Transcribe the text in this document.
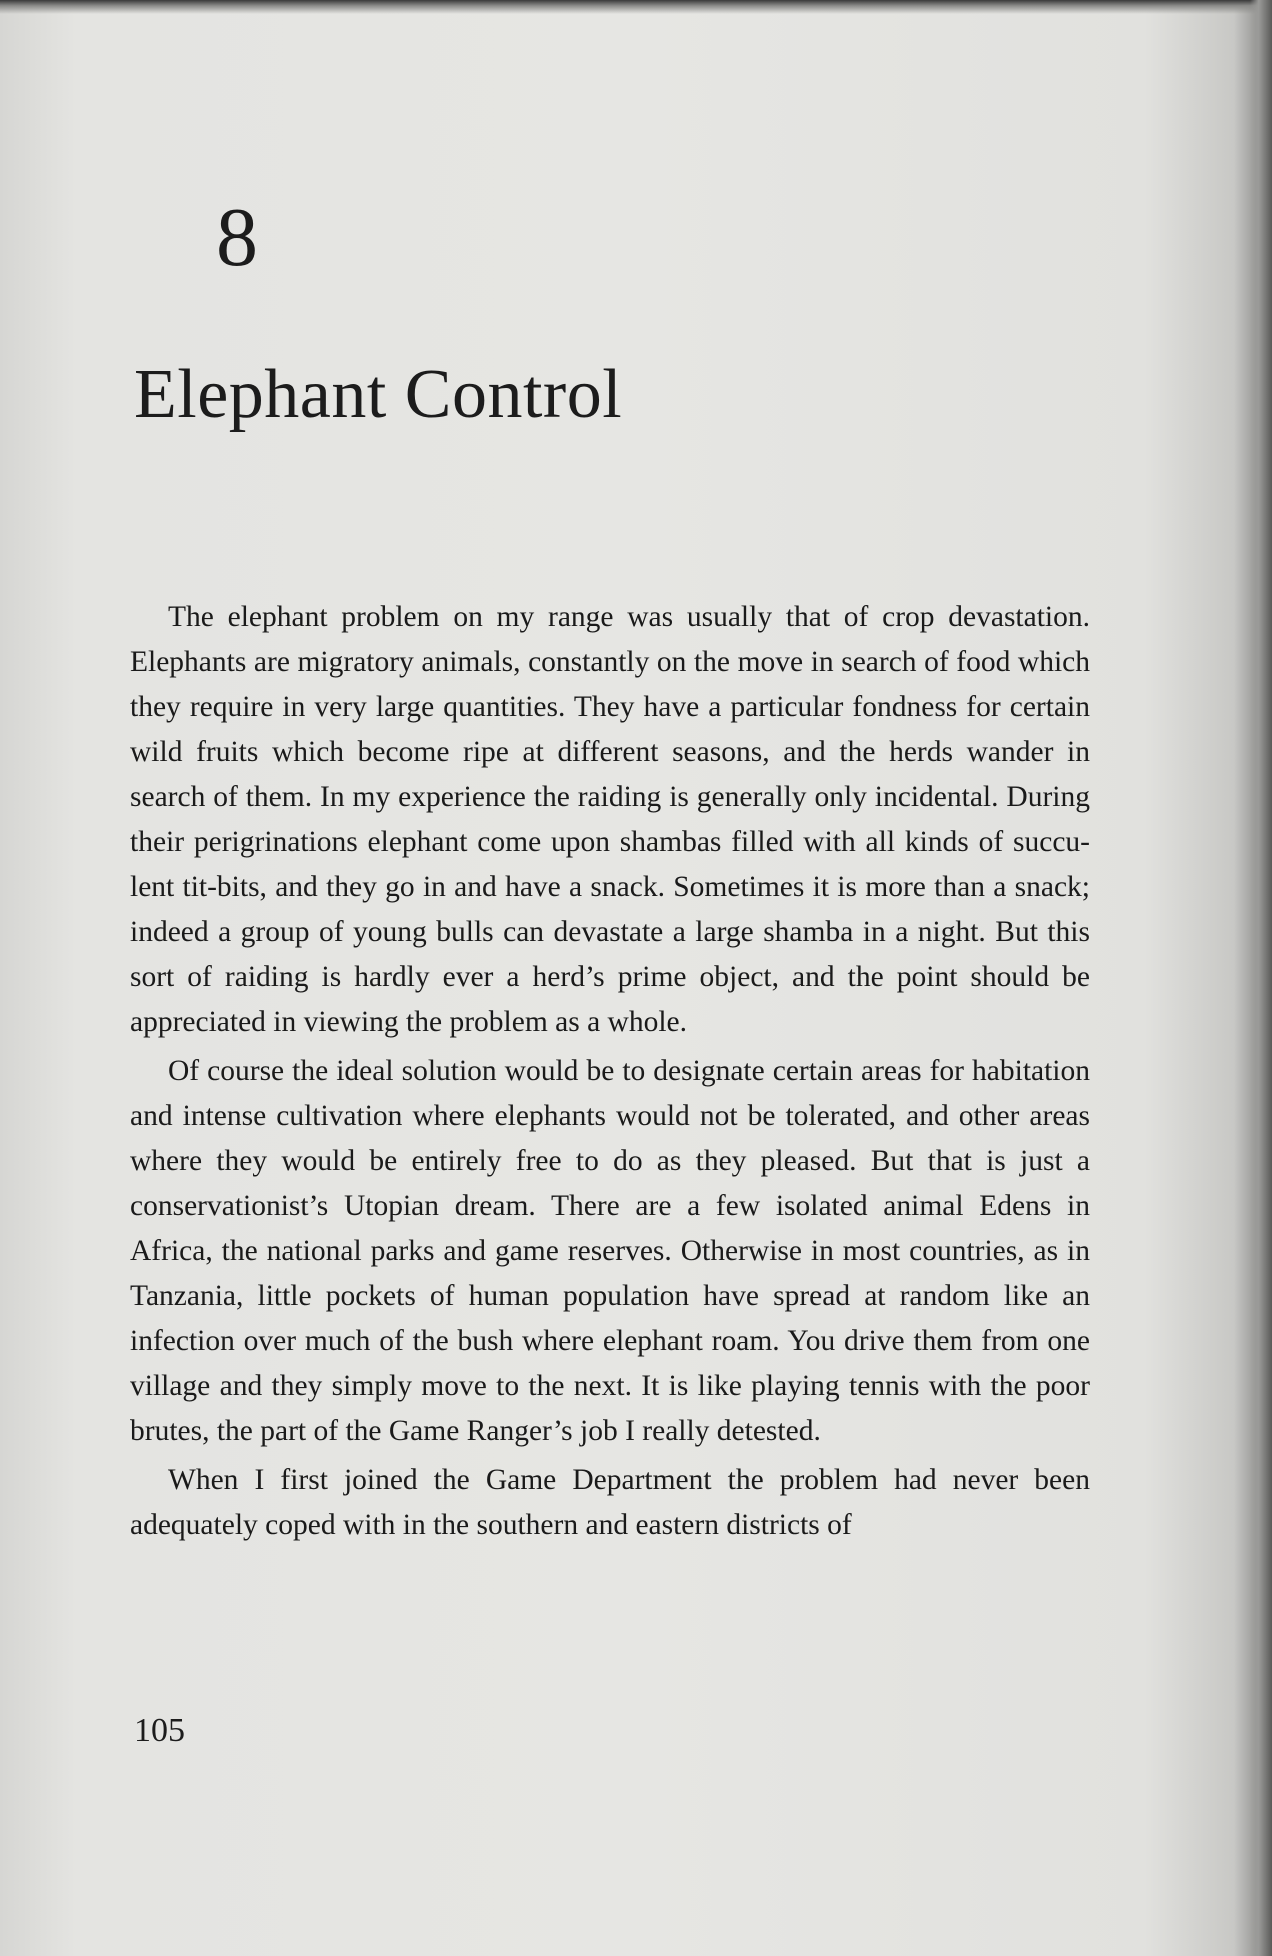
8
Elephant Control

The elephant problem on my range was usually that of crop devastation. Elephants are migratory animals, constantly on the move in search of food which they require in very large quantities. They have a particular fondness for certain wild fruits which become ripe at different seasons, and the herds wander in search of them. In my experience the raiding is generally only incidental. During their perigrinations elephant come upon shambas filled with all kinds of succulent tit-bits, and they go in and have a snack. Sometimes it is more than a snack; indeed a group of young bulls can devastate a large shamba in a night. But this sort of raiding is hardly ever a herd’s prime object, and the point should be appreciated in viewing the problem as a whole.

Of course the ideal solution would be to designate certain areas for habitation and intense cultivation where elephants would not be tolerated, and other areas where they would be entirely free to do as they pleased. But that is just a conservationist’s Utopian dream. There are a few isolated animal Edens in Africa, the national parks and game reserves. Otherwise in most countries, as in Tanzania, little pockets of human population have spread at random like an infection over much of the bush where elephant roam. You drive them from one village and they simply move to the next. It is like playing tennis with the poor brutes, the part of the Game Ranger’s job I really detested.

When I first joined the Game Department the problem had never been adequately coped with in the southern and eastern districts of

105
